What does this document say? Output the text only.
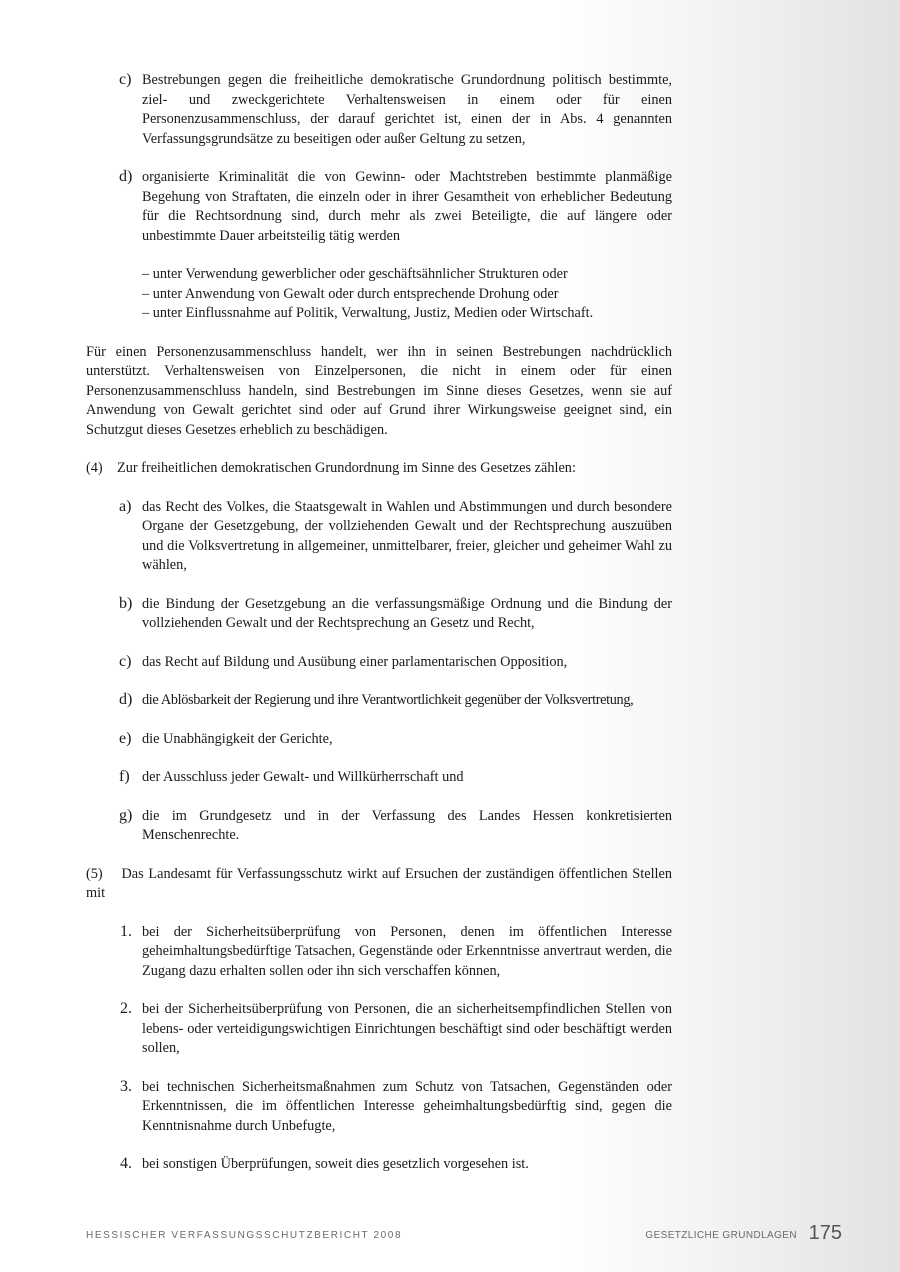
c) Bestrebungen gegen die freiheitliche demokratische Grundordnung politisch bestimmte, ziel- und zweckgerichtete Verhaltensweisen in einem oder für einen Personenzusammenschluss, der darauf gerichtet ist, einen der in Abs. 4 genannten Verfassungsgrundsätze zu beseitigen oder außer Geltung zu setzen,

d) organisierte Kriminalität die von Gewinn- oder Machtstreben bestimmte planmäßige Begehung von Straftaten, die einzeln oder in ihrer Gesamtheit von erheblicher Bedeutung für die Rechtsordnung sind, durch mehr als zwei Beteiligte, die auf längere oder unbestimmte Dauer arbeitsteilig tätig werden

– unter Verwendung gewerblicher oder geschäftsähnlicher Strukturen oder

– unter Anwendung von Gewalt oder durch entsprechende Drohung oder

– unter Einflussnahme auf Politik, Verwaltung, Justiz, Medien oder Wirtschaft.

Für einen Personenzusammenschluss handelt, wer ihn in seinen Bestrebungen nachdrücklich unterstützt. Verhaltensweisen von Einzelpersonen, die nicht in einem oder für einen Personenzusammenschluss handeln, sind Bestrebungen im Sinne dieses Gesetzes, wenn sie auf Anwendung von Gewalt gerichtet sind oder auf Grund ihrer Wirkungsweise geeignet sind, ein Schutzgut dieses Gesetzes erheblich zu beschädigen.

(4) Zur freiheitlichen demokratischen Grundordnung im Sinne des Gesetzes zählen:

a) das Recht des Volkes, die Staatsgewalt in Wahlen und Abstimmungen und durch besondere Organe der Gesetzgebung, der vollziehenden Gewalt und der Rechtsprechung auszuüben und die Volksvertretung in allgemeiner, unmittelbarer, freier, gleicher und geheimer Wahl zu wählen,

b) die Bindung der Gesetzgebung an die verfassungsmäßige Ordnung und die Bindung der vollziehenden Gewalt und der Rechtsprechung an Gesetz und Recht,

c) das Recht auf Bildung und Ausübung einer parlamentarischen Opposition,

d) die Ablösbarkeit der Regierung und ihre Verantwortlichkeit gegenüber der Volksvertretung,

e) die Unabhängigkeit der Gerichte,

f) der Ausschluss jeder Gewalt- und Willkürherrschaft und

g) die im Grundgesetz und in der Verfassung des Landes Hessen konkretisierten Menschenrechte.

(5) Das Landesamt für Verfassungsschutz wirkt auf Ersuchen der zuständigen öffentlichen Stellen mit

1. bei der Sicherheitsüberprüfung von Personen, denen im öffentlichen Interesse geheimhaltungsbedürftige Tatsachen, Gegenstände oder Erkenntnisse anvertraut werden, die Zugang dazu erhalten sollen oder ihn sich verschaffen können,

2. bei der Sicherheitsüberprüfung von Personen, die an sicherheitsempfindlichen Stellen von lebens- oder verteidigungswichtigen Einrichtungen beschäftigt sind oder beschäftigt werden sollen,

3. bei technischen Sicherheitsmaßnahmen zum Schutz von Tatsachen, Gegenständen oder Erkenntnissen, die im öffentlichen Interesse geheimhaltungsbedürftig sind, gegen die Kenntnisnahme durch Unbefugte,

4. bei sonstigen Überprüfungen, soweit dies gesetzlich vorgesehen ist.

HESSISCHER VERFASSUNGSSCHUTZBERICHT 2008	GESETZLICHE GRUNDLAGEN 175
